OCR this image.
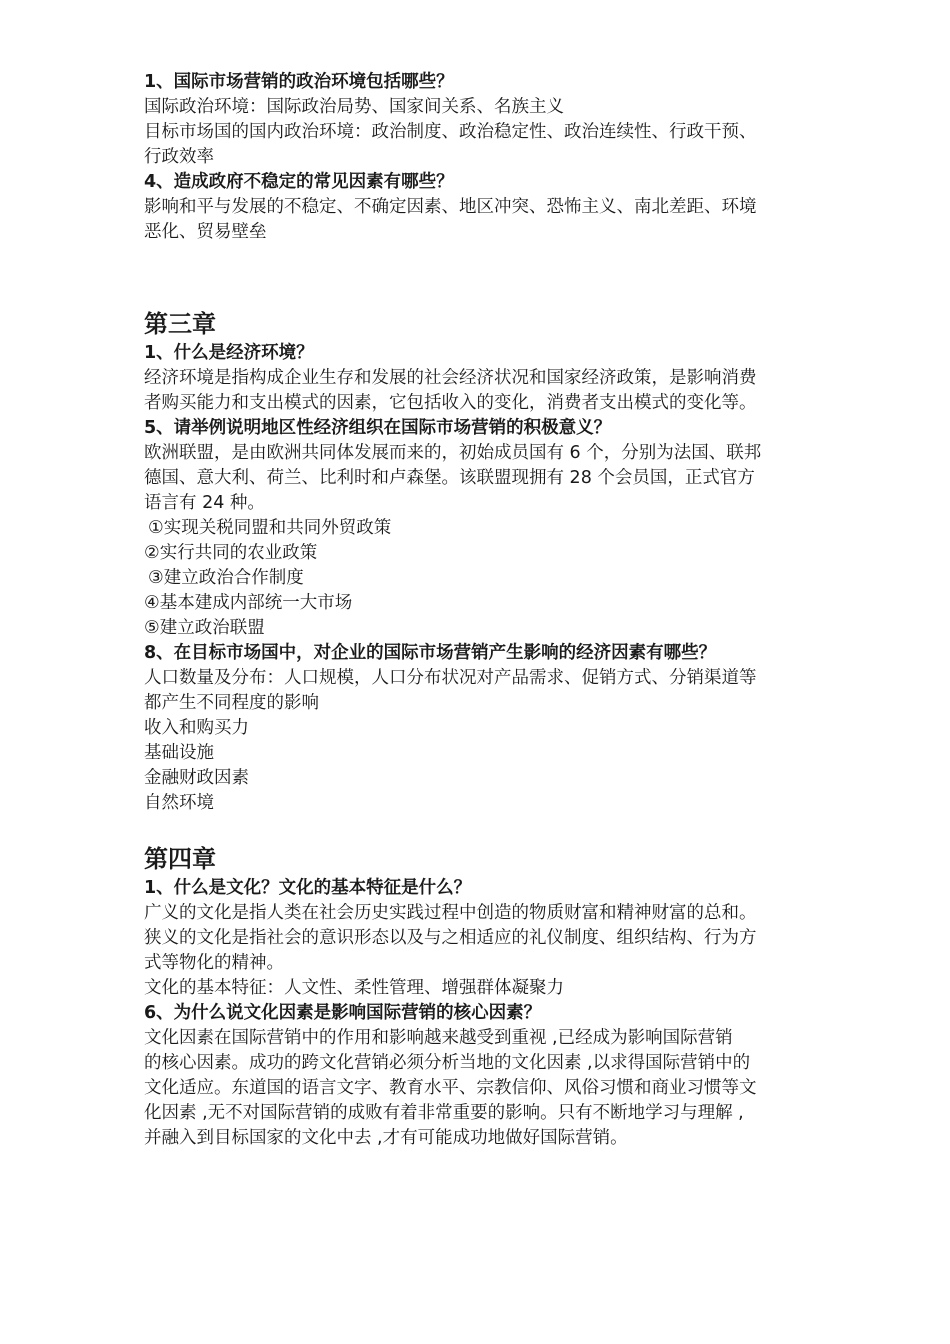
1、国际市场营销的政治环境包括哪些？
国际政治环境：国际政治局势、国家间关系、名族主义
目标市场国的国内政治环境：政治制度、政治稳定性、政治连续性、行政干预、
行政效率
4、造成政府不稳定的常见因素有哪些？
影响和平与发展的不稳定、不确定因素、地区冲突、恐怖主义、南北差距、环境
恶化、贸易壁垒
第三章
1、什么是经济环境？
经济环境是指构成企业生存和发展的社会经济状况和国家经济政策，是影响消费
者购买能力和支出模式的因素，它包括收入的变化，消费者支出模式的变化等。
5、请举例说明地区性经济组织在国际市场营销的积极意义？
欧洲联盟，是由欧洲共同体发展而来的，初始成员国有 6 个，分别为法国、联邦
德国、意大利、荷兰、比利时和卢森堡。该联盟现拥有 28 个会员国，正式官方
语言有 24 种。
①实现关税同盟和共同外贸政策
②实行共同的农业政策
③建立政治合作制度
④基本建成内部统一大市场
⑤建立政治联盟
8、在目标市场国中，对企业的国际市场营销产生影响的经济因素有哪些？
人口数量及分布：人口规模，人口分布状况对产品需求、促销方式、分销渠道等
都产生不同程度的影响
收入和购买力
基础设施
金融财政因素
自然环境
第四章
1、什么是文化？文化的基本特征是什么？
广义的文化是指人类在社会历史实践过程中创造的物质财富和精神财富的总和。
狭义的文化是指社会的意识形态以及与之相适应的礼仪制度、组织结构、行为方
式等物化的精神。
文化的基本特征：人文性、柔性管理、增强群体凝聚力
6、为什么说文化因素是影响国际营销的核心因素？
文化因素在国际营销中的作用和影响越来越受到重视 ,已经成为影响国际营销
的核心因素。成功的跨文化营销必须分析当地的文化因素 ,以求得国际营销中的
文化适应。东道国的语言文字、教育水平、宗教信仰、风俗习惯和商业习惯等文
化因素 ,无不对国际营销的成败有着非常重要的影响。只有不断地学习与理解 ,
并融入到目标国家的文化中去 ,才有可能成功地做好国际营销。
